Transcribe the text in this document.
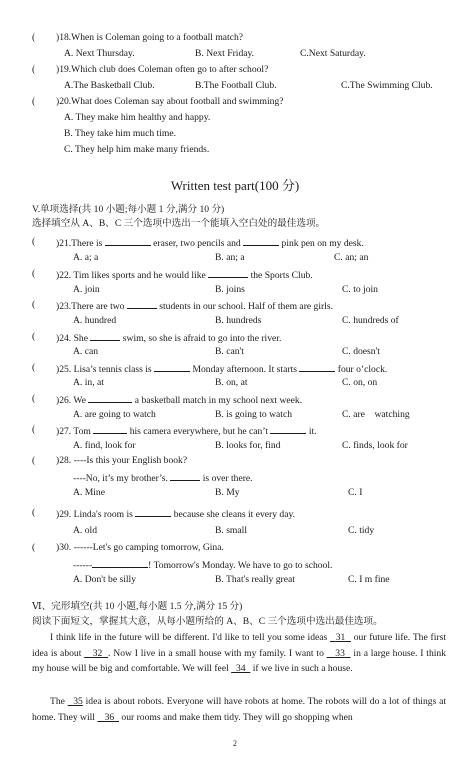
( )18.When is Coleman going to a football match?
A. Next Thursday.	B. Next Friday.	C.Next Saturday.
( )19.Which club does Coleman often go to after school?
A.The Basketball Club.	B.The Football Club.	C.The Swimming Club.
( )20.What does Coleman say about football and swimming?
A. They make him healthy and happy.
B. They take him much time.
C. They help him make many friends.
Written test part(100 分)
V.单项选择(共 10 小题;每小题 1 分,满分 10 分)
选择填空从 A、B、C 三个选项中选出一个能填入空白处的最佳选项。
( )21.There is	eraser, two pencils and	pink pen on my desk.
A. a; a	B. an; a	C. an; an
( )22. Tim likes sports and he would like	the Sports Club.
A. join	B. joins	C. to join
( )23.There are two	students in our school. Half of them are girls.
A. hundred	B. hundreds	C. hundreds of
( )24. She	swim, so she is afraid to go into the river.
A. can	B. can't	C. doesn't
( )25. Lisa’s tennis class is	Monday afternoon. It starts	four o’clock.
A. in, at	B. on, at	C. on, on
( )26. We	a basketball match in my school next week.
A. are going to watch	B. is going to watch	C. are    watching
( )27. Tom	his camera everywhere, but he can’t	it.
A. find, look for	B. looks for, find	C. finds, look for
( )28. ----Is this your English book?
----No, it’s my brother’s.	is over there.
A. Mine	B. My	C. I
( )29. Linda's room is	because she cleans it every day.
A. old	B. small	C. tidy
( )30. ------Let's go camping tomorrow, Gina.
------	! Tomorrow's Monday. We have to go to school.
A. Don't be silly	B. That's really great	C. I m fine
Ⅵ、完形填空(共 10 小题,每小题 1.5 分,满分 15 分)
阅读下面短文，掌握其大意，从每小题所给的 A、B、C 三个选项中选出最佳选项。
I think life in the future will be different. I'd like to tell you some ideas 31 our future life. The first idea is about 32 . Now I live in a small house with my family. I want to 33 in a large house. I think my house will be big and comfortable. We will feel 34 if we live in such a house.
The 35 idea is about robots. Everyone will have robots at home. The robots will do a lot of things at home. They will 36 our rooms and make them tidy. They will go shopping when
2
